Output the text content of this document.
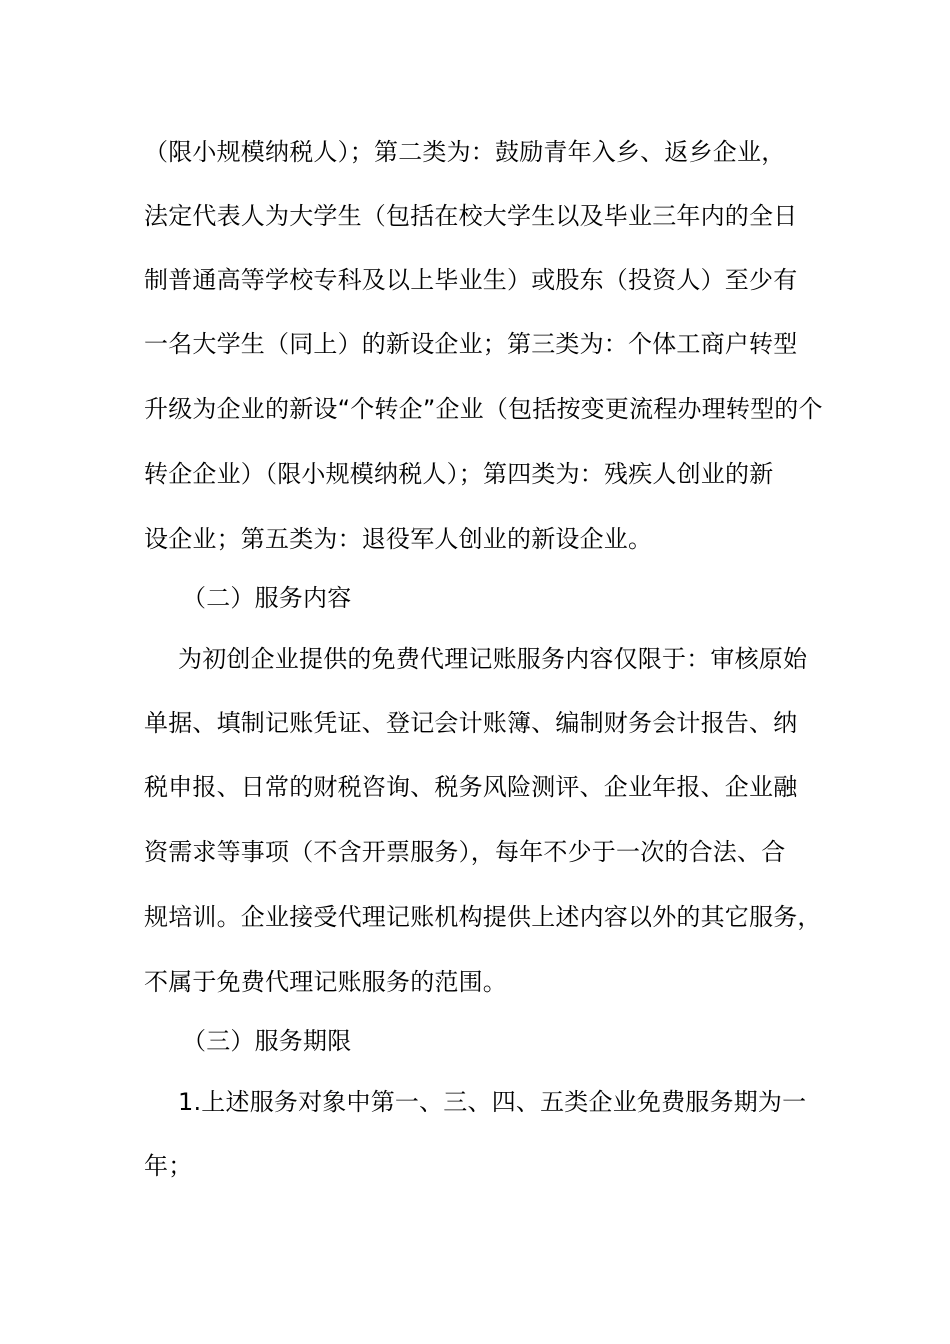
（限小规模纳税人）；第二类为：鼓励青年入乡、返乡企业，
法定代表人为大学生（包括在校大学生以及毕业三年内的全日
制普通高等学校专科及以上毕业生）或股东（投资人）至少有
一名大学生（同上）的新设企业；第三类为：个体工商户转型
升级为企业的新设“个转企”企业（包括按变更流程办理转型的个
转企企业）（限小规模纳税人）；第四类为：残疾人创业的新
设企业；第五类为：退役军人创业的新设企业。
（二）服务内容
为初创企业提供的免费代理记账服务内容仅限于：审核原始
单据、填制记账凭证、登记会计账簿、编制财务会计报告、纳
税申报、日常的财税咨询、税务风险测评、企业年报、企业融
资需求等事项（不含开票服务），每年不少于一次的合法、合
规培训。企业接受代理记账机构提供上述内容以外的其它服务，
不属于免费代理记账服务的范围。
（三）服务期限
1.上述服务对象中第一、三、四、五类企业免费服务期为一
年；
